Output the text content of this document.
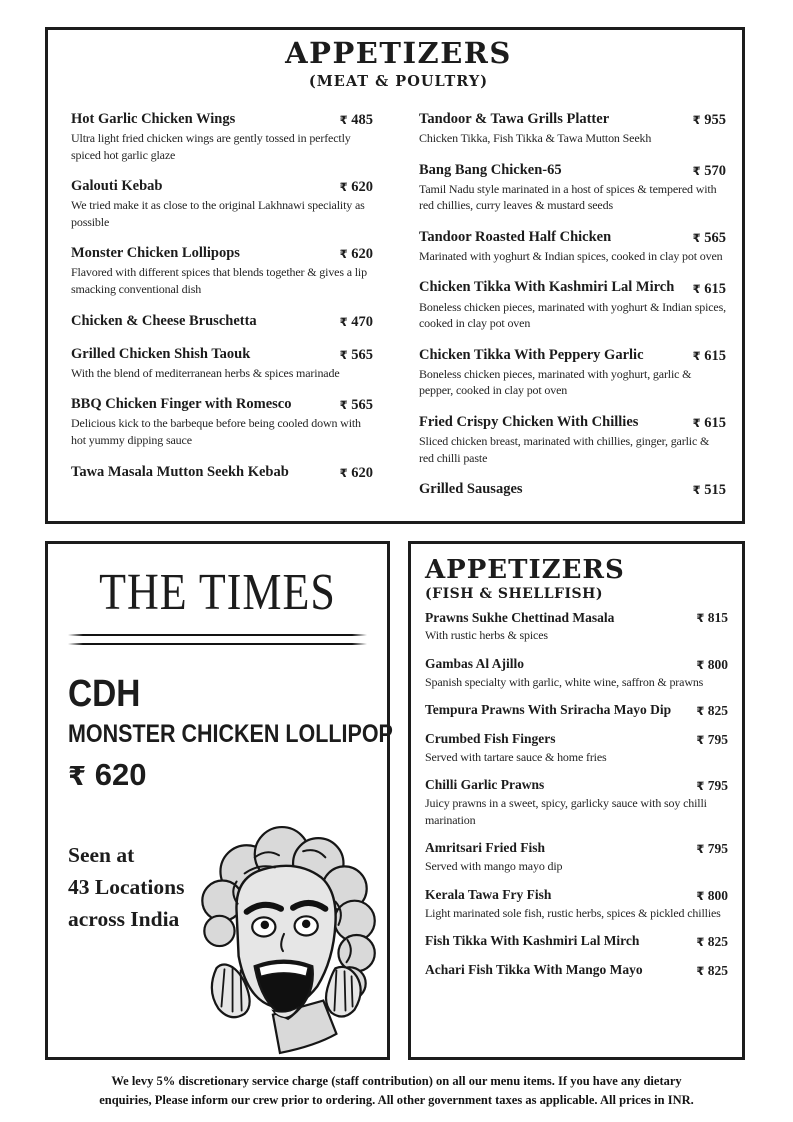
APPETIZERS
(MEAT & POULTRY)
Hot Garlic Chicken Wings	₹ 485

Ultra light fried chicken wings are gently tossed in perfectly spiced hot garlic glaze

Galouti Kebab	₹ 620

We tried make it as close to the original Lakhnawi speciality as possible

Monster Chicken Lollipops	₹ 620

Flavored with different spices that blends together & gives a lip smacking conventional dish

Chicken & Cheese Bruschetta	₹ 470
Grilled Chicken Shish Taouk	₹ 565

With the blend of mediterranean herbs & spices marinade

BBQ Chicken Finger with Romesco	₹ 565

Delicious kick to the barbeque before being cooled down with hot yummy dipping sauce

Tawa Masala Mutton Seekh Kebab	₹ 620
Tandoor & Tawa Grills Platter	₹ 955

Chicken Tikka, Fish Tikka & Tawa Mutton Seekh

Bang Bang Chicken-65	₹ 570

Tamil Nadu style marinated in a host of spices & tempered with red chillies, curry leaves & mustard seeds

Tandoor Roasted Half Chicken	₹ 565

Marinated with yoghurt & Indian spices, cooked in clay pot oven

Chicken Tikka With Kashmiri Lal Mirch ₹ 615

Boneless chicken pieces, marinated with yoghurt & Indian spices, cooked in clay pot oven

Chicken Tikka With Peppery Garlic	₹ 615

Boneless chicken pieces, marinated with yoghurt, garlic & pepper, cooked in clay pot oven

Fried Crispy Chicken With Chillies	₹ 615

Sliced chicken breast, marinated with chillies, ginger, garlic & red chilli paste

Grilled Sausages	₹ 515
THE TIMES
CDH
MONSTER CHICKEN LOLLIPOP
₹ 620
Seen at
43 Locations
across India
APPETIZERS
(FISH & SHELLFISH)
Prawns Sukhe Chettinad Masala	₹ 815

With rustic herbs & spices

Gambas Al Ajillo	₹ 800

Spanish specialty with garlic, white wine, saffron & prawns

Tempura Prawns With Sriracha Mayo Dip ₹ 825
Crumbed Fish Fingers	₹ 795

Served with tartare sauce & home fries

Chilli Garlic Prawns	₹ 795

Juicy prawns in a sweet, spicy, garlicky sauce with soy chilli marination

Amritsari Fried Fish	₹ 795

Served with mango mayo dip

Kerala Tawa Fry Fish	₹ 800

Light marinated sole fish, rustic herbs, spices & pickled chillies

Fish Tikka With Kashmiri Lal Mirch	₹ 825
Achari Fish Tikka With Mango Mayo	₹ 825
We levy 5% discretionary service charge (staff contribution) on all our menu items. If you have any dietary
enquiries, Please inform our crew prior to ordering. All other government taxes as applicable. All prices in INR.
